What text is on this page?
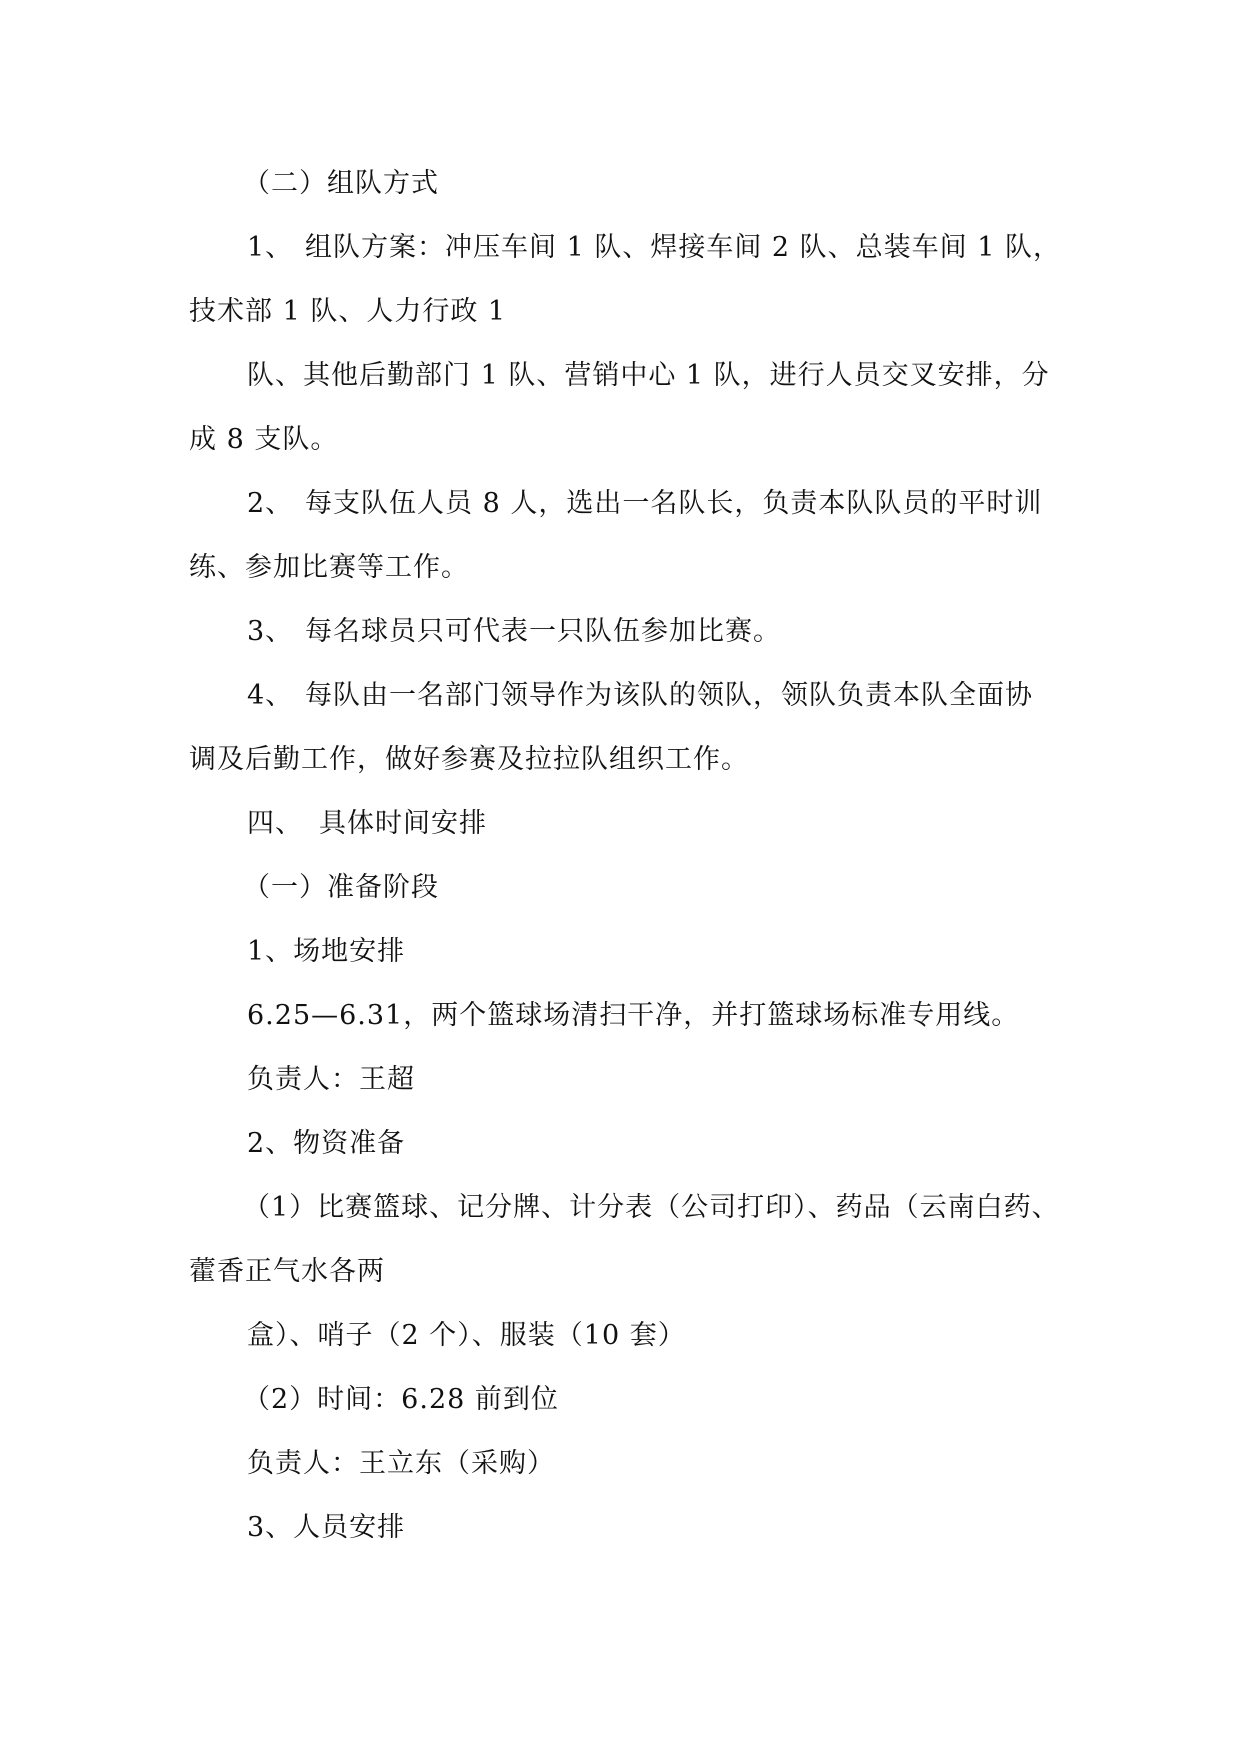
（二）组队方式
1、 组队方案：冲压车间 1 队、焊接车间 2 队、总装车间 1 队，
技术部 1 队、人力行政 1
队、其他后勤部门 1 队、营销中心 1 队，进行人员交叉安排，分
成 8 支队。
2、 每支队伍人员 8 人，选出一名队长，负责本队队员的平时训
练、参加比赛等工作。
3、 每名球员只可代表一只队伍参加比赛。
4、 每队由一名部门领导作为该队的领队，领队负责本队全面协
调及后勤工作，做好参赛及拉拉队组织工作。
四、 具体时间安排
（一）准备阶段
1、场地安排
6.25—6.31，两个篮球场清扫干净，并打篮球场标准专用线。
负责人：王超
2、物资准备
（1）比赛篮球、记分牌、计分表（公司打印）、药品（云南白药、
藿香正气水各两
盒）、哨子（2 个）、服装（10 套）
（2）时间：6.28 前到位
负责人：王立东（采购）
3、人员安排
